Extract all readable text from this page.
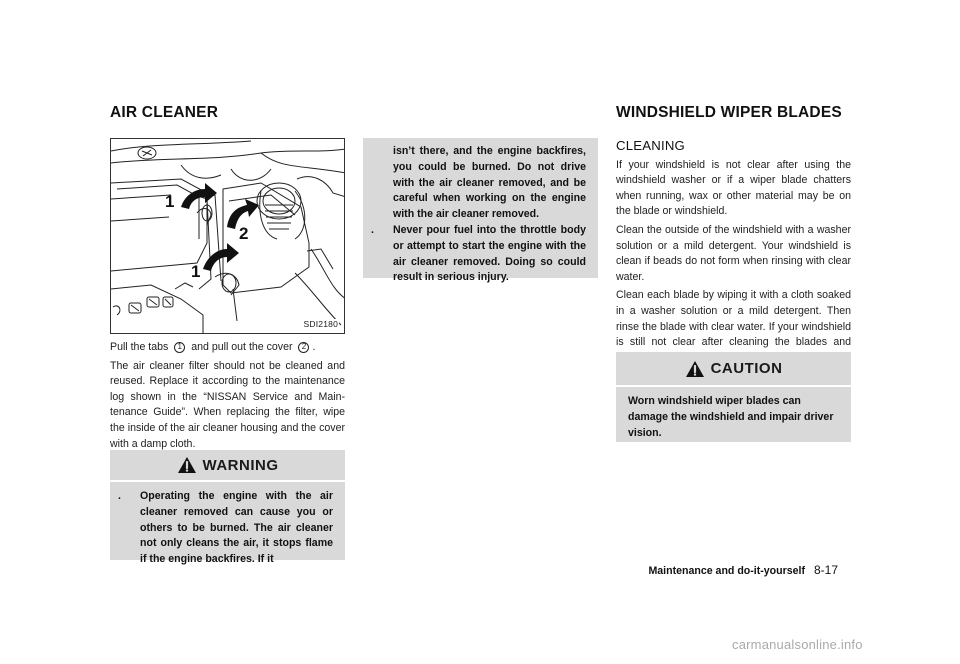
AIR CLEANER	WINDSHIELD WIPER BLADES
1
2
1
SDI2180

Pull the tabs 1 and pull out the cover 2 .

The air cleaner filter should not be cleaned and reused. Replace it according to the maintenance log shown in the “NISSAN Service and Main-tenance Guide”. When replacing the filter, wipe the inside of the air cleaner housing and the cover with a damp cloth.

WARNING
.	Operating the engine with the air cleaner removed can cause you or others to be burned. The air cleaner not only cleans the air, it stops flame if the engine backfires. If it
isn’t there, and the engine backfires, you could be burned. Do not drive with the air cleaner removed, and be careful when working on the engine with the air cleaner removed.
.	Never pour fuel into the throttle body or attempt to start the engine with the air cleaner removed. Doing so could result in serious injury.
CLEANING

If your windshield is not clear after using the windshield washer or if a wiper blade chatters when running, wax or other material may be on the blade or windshield.

Clean the outside of the windshield with a washer solution or a mild detergent. Your windshield is clean if beads do not form when rinsing with clear water.

Clean each blade by wiping it with a cloth soaked in a washer solution or a mild detergent. Then rinse the blade with clear water. If your windshield is still not clear after cleaning the blades and

CAUTION
Worn windshield wiper blades can damage the windshield and impair driver vision.
Maintenance and do-it-yourself 8-17
carmanualsonline.info
